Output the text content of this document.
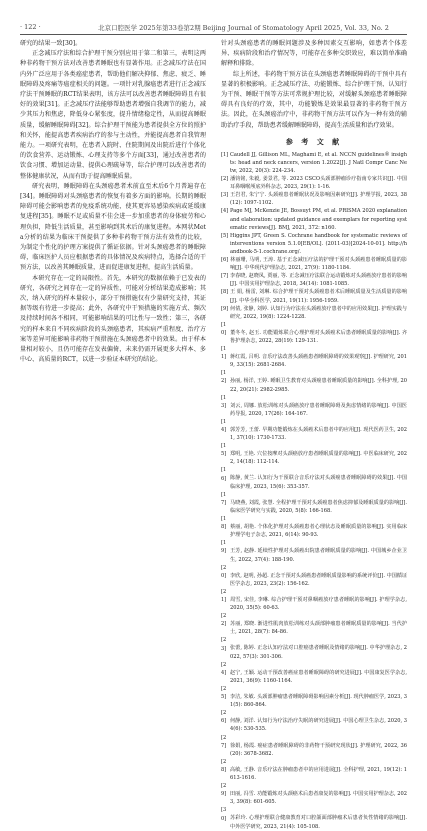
· 122 ·	北京口腔医学 2025年第33卷第2期 Beijing Journal of Stomatology April 2025, Vol. 33, No. 2

研究的结果一致[30]。

正念减压疗法和综合护理干预分别应用于第二和第三，表明这两种非药物干预方法对改善患者睡眠也有显著作用。正念减压疗法在国内外广泛应用于各类癌症患者，帮助他们解决抑郁、焦虑、疲乏、睡眠障碍及疼痛等癌症相关的问题。一项针对乳腺癌患者进行正念减压疗法干预睡眠的RCT结果表明，该方法可以改善患者睡眠障碍且有很好的效果[31]。正念减压疗法能够帮助患者增强自我调节的能力，减少其压力和焦虑，降低身心紧张度，提升情绪稳定性，从而提高睡眠质量，缓解睡眠障碍[32]。综合护理干预能为患者提供全方位的照护和关怀，能提高患者疾病治疗的参与主动性，并能提高患者自我管理能力。一项研究表明，在患者入院时、住院期间及出院后进行个体化的饮食营养、运动锻炼、心理支持等多个方面[33]，通过改善患者的饮食习惯、增加运动量、提供心理疏导等，综合护理可以改善患者的整体健康状况，从而有助于提高睡眠质量。

研究表明，睡眠障碍在头颈癌患者术前直至术后6个月普遍存在[34]。睡眠障碍对头颈癌患者的恢复有着多方面的影响。长期的睡眠障碍可能会影响患者的免疫系统功能，使其更容易感染疾病或延缓康复进程[35]。睡眠不足或质量不佳会进一步加重患者的身体疲劳和心理负担，降低生活质量，甚至影响到其术后的康复进程。本网状Meta分析的结果为临床干预提供了多种非药物干预方法有效性的比较，为制定个性化的护理方案提供了循证依据。针对头颈癌患者的睡眠障碍，临床医护人员应根据患者的具体情况及疾病特点，选择合适的干预方法，以改善其睡眠质量，进而促进康复进程，提高生活质量。

本研究存在一定的局限性。首先，本研究的数据依赖于已发表的研究，各研究之间存在一定的异质性，可能对分析结果造成影响；其次，纳入研究的样本量较小，部分干预措施仅有少量研究支持，其证据等级有待进一步提高；此外，各研究中干预措施的实施方式、频次及持续时间各不相同，可能影响结果的可比性与一致性；第三，各研究的样本来自不同疾病阶段的头颈癌患者，其疾病严重程度、治疗方案等差异可能影响非药物干预措施在头颈癌患者中的效果。由于样本量相对较小，且仍可能存在发表偏倚，未来仍需开展更多大样本、多中心、高质量的RCT，以进一步验证本研究的结论。

针对头颈癌患者的睡眠问题涉及多种因素交互影响，如患者个体差异、疾病阶段和治疗情况等，可能存在多种交织效应，难以简单准确解释和排除。

综上所述，非药物干预方法在头颈癌患者睡眠障碍的干预中具有显著的积极影响。正念减压疗法、功能锻炼、综合护理干预、认知行为干预、睡眠干预等方法可常规护理比较，对缓解头颈癌患者睡眠障碍具有良好的疗效，其中，功能锻炼是效果最显著的非药物干预方法。因此，在头颈癌治疗中，非药物干预方法可以作为一种有效的辅助治疗手段，帮助患者缓解睡眠障碍，提高生活质量和治疗效果。

参 考 文 献
[1] Caudell JJ, Gillison ML, Maghami E, et al. NCCN guidelines® insights: head and neck cancers, version 1.2022[J]. J Natl Compr Canc Netw, 2022, 20(3): 224-234.
[2] 潘钧铭, 朱毅, 姜景君, 等. 2023 CSCO头颈部肿瘤诊疗指南专家共识[J]. 中国耳鼻咽喉颅底外科杂志, 2023, 29(1): 1-16.
[3] 王岩君, 朱宁宁. 头颈癌患者睡眠状况及影响因素研究[J]. 护理学报, 2023, 38(12): 1097-1102.
[4] Page MJ, McKenzie JE, Bossuyt PM, et al. PRISMA 2020 explanation and elaboration: updated guidance and exemplars for reporting systematic reviews[J]. BMJ, 2021, 372: n160.
[5] Higgins JPT, Green S. Cochrane handbook for systematic reviews of interventions version 5.1.0[EB/OL]. (2011-03)[2024-10-01]. http://handbook-5-1.cochrane.org/.
[6] 林丽珊, 马明, 王涛. 基于正念减压疗法的护理干预对头颈癌患者睡眠质量的影响[J]. 中华现代护理杂志, 2021, 27(9): 1180-1184.
[7] 李春晓, 赵晓凤, 贾丽, 等. 正念减压疗法联合运动锻炼对头颈癌放疗患者的影响[J]. 中国实用护理杂志, 2018, 34(14): 1081-1085.
[8] 王 娟, 杨雷, 刘琳. 综合护理干预对头颈癌患者术后睡眠质量及生活质量的影响[J]. 中华全科医学, 2021, 19(11): 1956-1959.
[9] 何倩, 张静, 刘婷. 认知行为疗法在头颈癌放疗患者中的应用效果[J]. 护理实践与研究, 2022, 19(8): 1224-1228.
[10] 董冬冬, 赵玉. 功能锻炼联合心理护理对头颈癌术后患者睡眠质量的影响[J]. 齐鲁护理杂志, 2022, 28(19): 129-131.
[11] 蒋红霞, 吕明. 音乐疗法改善头颈癌患者睡眠障碍的效果观察[J]. 护理研究, 2019, 33(15): 2681-2684.
[12] 孙丽, 杨洋, 王婷. 睡眠卫生教育对头颈癌患者睡眠质量的影响[J]. 全科护理, 2022, 20(21): 2982-2985.
[13] 刘云, 周娜. 放松训练对头颈癌放疗患者睡眠障碍及焦虑情绪的影响[J]. 中国医药导报, 2020, 17(26): 164-167.
[14] 郭芳芳, 王蕾. 早期功能锻炼在头颈癌术后患者中的应用[J]. 现代医药卫生, 2021, 37(10): 1730-1733.
[15] 郑明, 王艳. 穴位按摩对头颈癌放疗患者睡眠质量的影响[J]. 中医临床研究, 2022, 14(18): 112-114.
[16] 陈静, 黄兰. 认知行为干预联合音乐疗法对头颈癌患者睡眠障碍的效果[J]. 中国临床护理, 2023, 15(6): 353-357.
[17] 马晓燕, 刘霞, 张慧. 全程护理干预对头颈癌患者焦虑抑郁及睡眠质量的影响[J]. 临床医学研究与实践, 2020, 5(8): 166-168.
[18] 蔡丽, 胡艳. 个体化护理对头颈癌患者心理状态及睡眠质量的影响[J]. 实用临床护理学电子杂志, 2021, 6(14): 90-93.
[19] 王芳, 赵静. 延续性护理对头颈癌出院患者睡眠质量的影响[J]. 中国城乡企业卫生, 2022, 37(4): 188-190.
[20] 李欣, 赵明, 孙超. 正念干预对头颈癌患者睡眠质量影响的系统评价[J]. 中国循证医学杂志, 2023, 23(2): 156-162.
[21] 周雪, 宋佳, 李琳. 综合护理干预对鼻咽癌放疗患者睡眠的影响[J]. 护理学杂志, 2020, 35(5): 60-63.
[22] 苏丽, 郑晓. 渐进性肌肉放松训练对头颈部肿瘤患者睡眠质量的影响[J]. 当代护士, 2021, 28(7): 84-86.
[23] 张蕾, 陈婷. 正念认知疗法对口腔癌患者睡眠及情绪的影响[J]. 中华护理杂志, 2022, 57(3): 301-306.
[24] 赵宁, 王颖. 运动干预改善癌症患者睡眠障碍的研究进展[J]. 中国康复医学杂志, 2021, 36(9): 1160-1164.
[25] 李洁, 朱敏. 头颈部肿瘤患者睡眠障碍影响因素分析[J]. 现代肿瘤医学, 2023, 31(5): 860-864.
[26] 何静, 刘洋. 认知行为疗法治疗失眠的研究进展[J]. 中国心理卫生杂志, 2020, 34(6): 530-535.
[27] 徐娟, 杨霞. 癌症患者睡眠障碍的非药物干预研究现状[J]. 护理研究, 2022, 36(20): 3678-3682.
[28] 高敏, 王静. 音乐疗法在肿瘤患者中的应用进展[J]. 全科护理, 2021, 19(12): 1613-1616.
[29] 田丽, 冯雪. 功能锻炼对头颈癌术后患者康复的影响[J]. 中国实用护理杂志, 2023, 39(8): 601-605.
[30] 苏彩玲. 心理护理联合健康教育对口腔颌面部肿瘤术后患者负性情绪的影响[J]. 中外医学研究, 2023, 21(4): 105-108.
